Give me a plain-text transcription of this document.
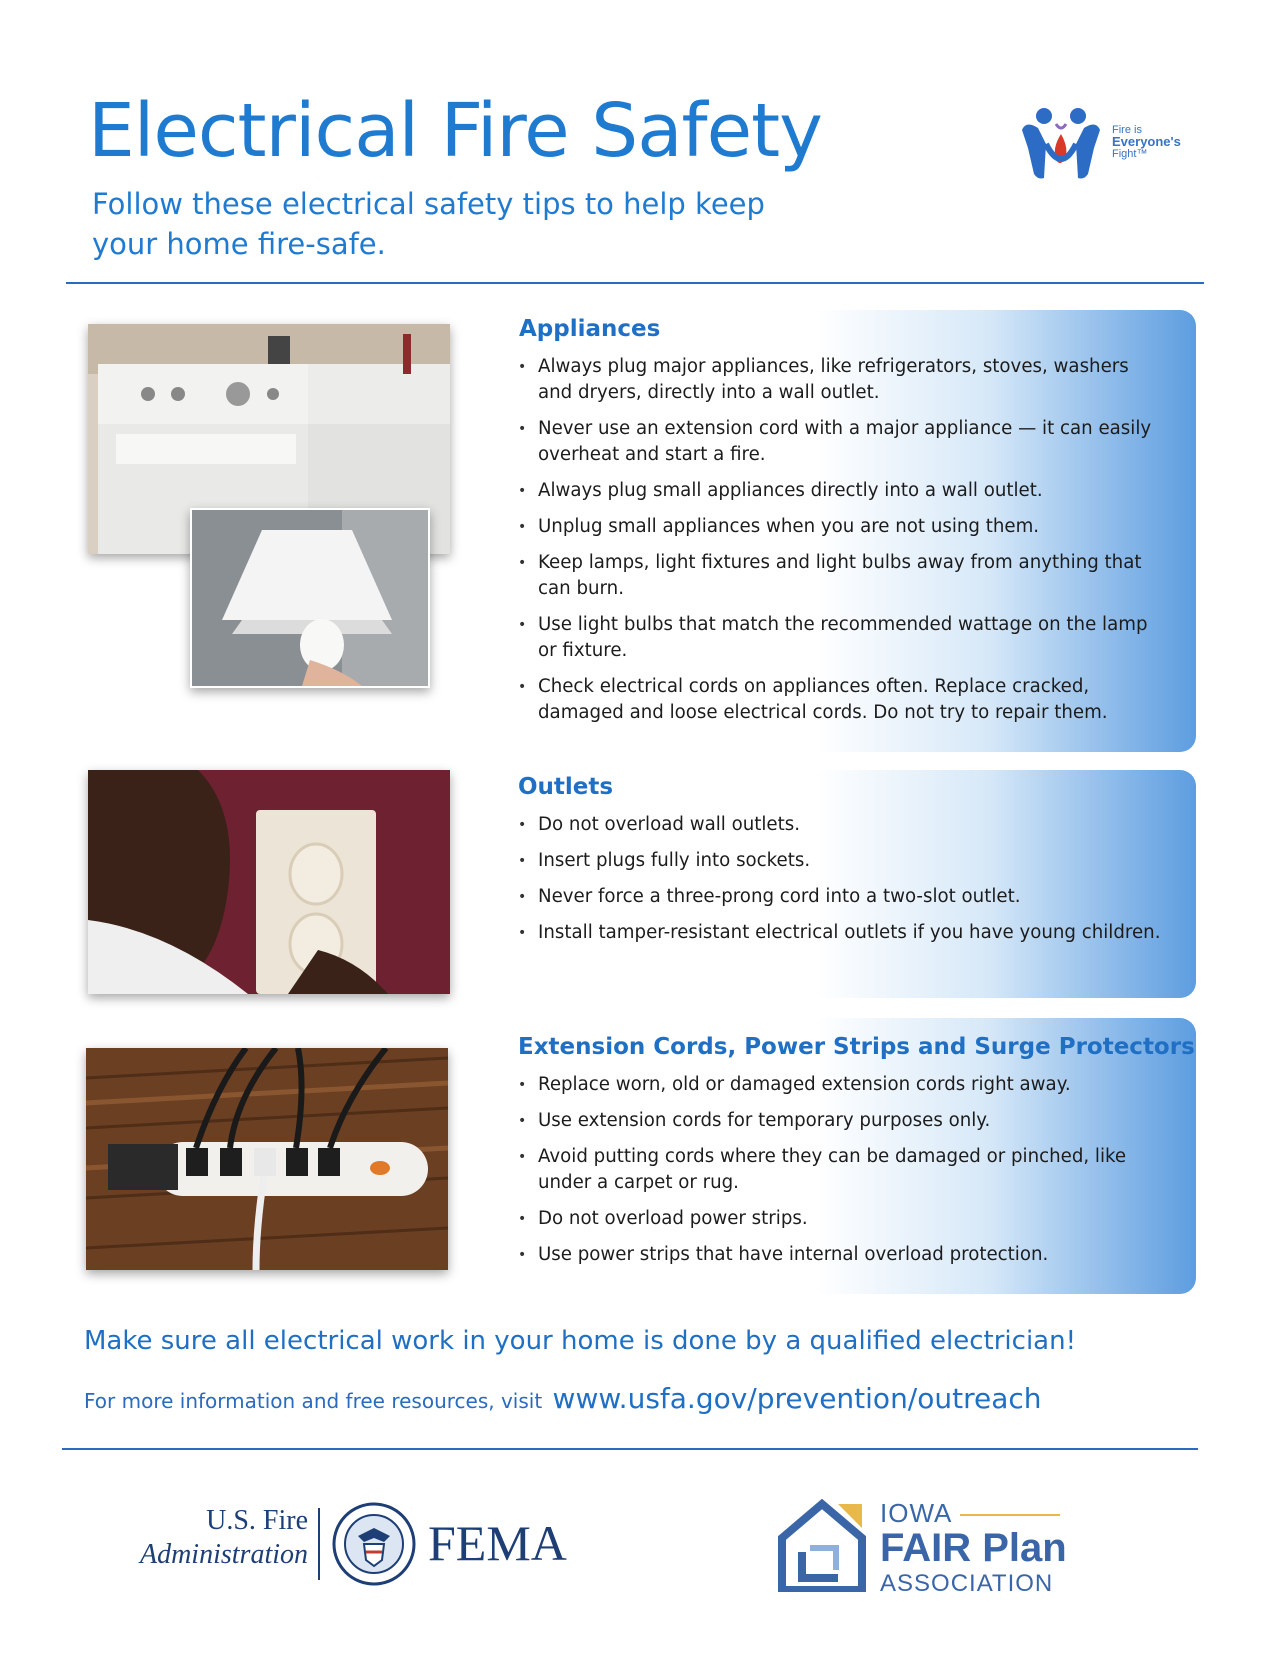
Electrical Fire Safety

Follow these electrical safety tips to help keep your home fire-safe.

Fire is
Everyone's
Fight™
Appliances
• Always plug major appliances, like refrigerators, stoves, washers and dryers, directly into a wall outlet.
• Never use an extension cord with a major appliance — it can easily overheat and start a fire.
• Always plug small appliances directly into a wall outlet.
• Unplug small appliances when you are not using them.
• Keep lamps, light fixtures and light bulbs away from anything that can burn.
• Use light bulbs that match the recommended wattage on the lamp or fixture.
• Check electrical cords on appliances often. Replace cracked, damaged and loose electrical cords. Do not try to repair them.
Outlets
• Do not overload wall outlets.
• Insert plugs fully into sockets.
• Never force a three-prong cord into a two-slot outlet.
• Install tamper-resistant electrical outlets if you have young children.
Extension Cords, Power Strips and Surge Protectors
• Replace worn, old or damaged extension cords right away.
• Use extension cords for temporary purposes only.
• Avoid putting cords where they can be damaged or pinched, like under a carpet or rug.
• Do not overload power strips.
• Use power strips that have internal overload protection.

Make sure all electrical work in your home is done by a qualified electrician!

For more information and free resources, visit www.usfa.gov/prevention/outreach
U.S. Fire
Administration FEMA
IOWA
FAIR Plan
ASSOCIATION
